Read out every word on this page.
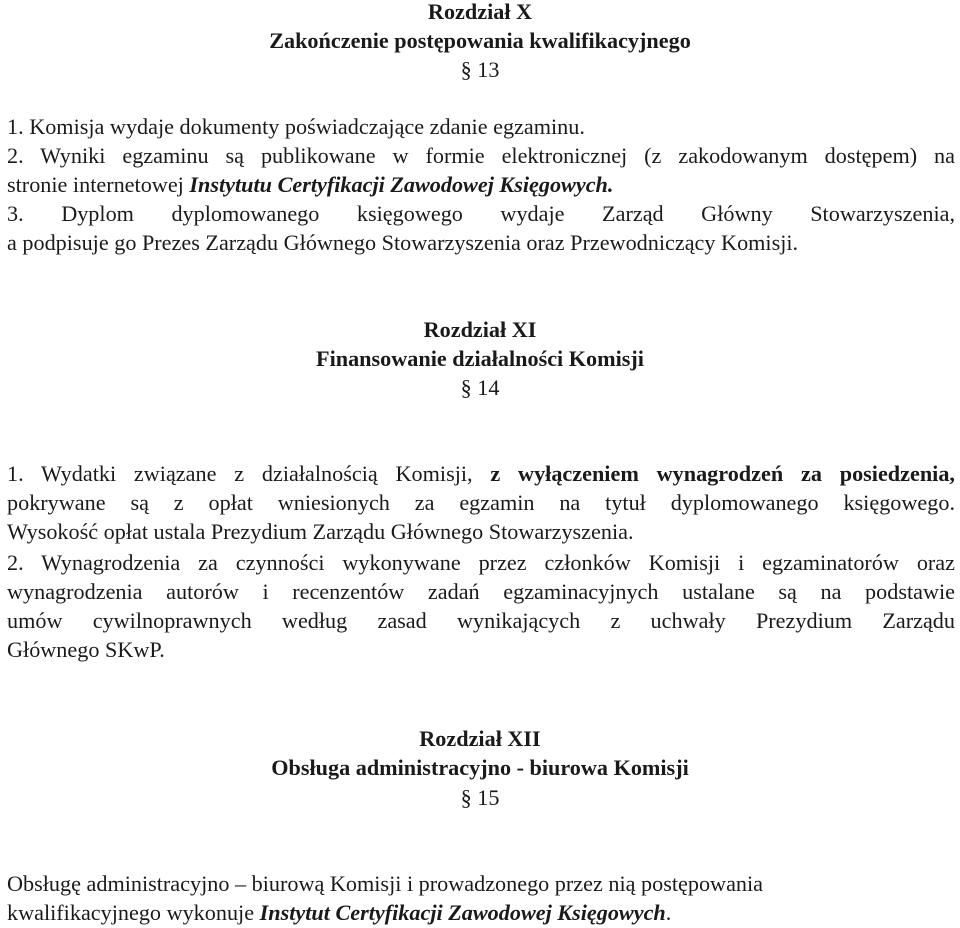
Rozdział X
Zakończenie postępowania kwalifikacyjnego
§ 13
1. Komisja wydaje dokumenty poświadczające zdanie egzaminu.
2. Wyniki egzaminu są publikowane w formie elektronicznej (z zakodowanym dostępem) na
stronie internetowej Instytutu Certyfikacji Zawodowej Księgowych.
3. Dyplom dyplomowanego księgowego wydaje Zarząd Główny Stowarzyszenia,
a podpisuje go Prezes Zarządu Głównego Stowarzyszenia oraz Przewodniczący Komisji.
Rozdział XI
Finansowanie działalności Komisji
§ 14
1. Wydatki związane z działalnością Komisji, z wyłączeniem wynagrodzeń za posiedzenia,
pokrywane są z opłat wniesionych za egzamin na tytuł dyplomowanego księgowego.
Wysokość opłat ustala Prezydium Zarządu Głównego Stowarzyszenia.
2. Wynagrodzenia za czynności wykonywane przez członków Komisji i egzaminatorów oraz
wynagrodzenia autorów i recenzentów zadań egzaminacyjnych ustalane są na podstawie
umów cywilnoprawnych według zasad wynikających z uchwały Prezydium Zarządu
Głównego SKwP.
Rozdział XII
Obsługa administracyjno - biurowa Komisji
§ 15
Obsługę administracyjno – biurową Komisji i prowadzonego przez nią postępowania
kwalifikacyjnego wykonuje Instytut Certyfikacji Zawodowej Księgowych.
